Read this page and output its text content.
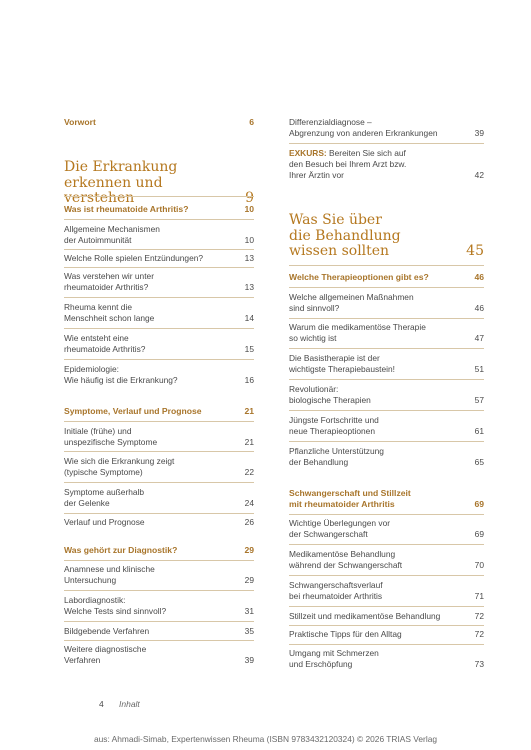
Vorwort	6
Die Erkrankung
erkennen und verstehen	9
Was ist rheumatoide Arthritis?	10
Allgemeine Mechanismen
der Autoimmunität	10
Welche Rolle spielen Entzündungen?	13
Was verstehen wir unter
rheumatoider Arthritis?	13
Rheuma kennt die
Menschheit schon lange	14
Wie entsteht eine
rheumatoide Arthritis?	15
Epidemiologie:
Wie häufig ist die Erkrankung?	16
Symptome, Verlauf und Prognose	21
Initiale (frühe) und
unspezifische Symptome	21
Wie sich die Erkrankung zeigt
(typische Symptome)	22
Symptome außerhalb
der Gelenke	24
Verlauf und Prognose	26
Was gehört zur Diagnostik?	29
Anamnese und klinische
Untersuchung	29
Labordiagnostik:
Welche Tests sind sinnvoll?	31
Bildgebende Verfahren	35
Weitere diagnostische
Verfahren	39
Differenzialdiagnose –
Abgrenzung von anderen Erkrankungen	39
EXKURS: Bereiten Sie sich auf
den Besuch bei Ihrem Arzt bzw.
Ihrer Ärztin vor	42
Was Sie über
die Behandlung
wissen sollten	45
Welche Therapieoptionen gibt es?	46
Welche allgemeinen Maßnahmen
sind sinnvoll?	46
Warum die medikamentöse Therapie
so wichtig ist	47
Die Basistherapie ist der
wichtigste Therapiebaustein!	51
Revolutionär:
biologische Therapien	57
Jüngste Fortschritte und
neue Therapieoptionen	61
Pflanzliche Unterstützung
der Behandlung	65
Schwangerschaft und Stillzeit
mit rheumatoider Arthritis	69
Wichtige Überlegungen vor
der Schwangerschaft	69
Medikamentöse Behandlung
während der Schwangerschaft	70
Schwangerschaftsverlauf
bei rheumatoider Arthritis	71
Stillzeit und medikamentöse Behandlung	72
Praktische Tipps für den Alltag	72
Umgang mit Schmerzen
und Erschöpfung	73
4 Inhalt
aus: Ahmadi-Simab, Expertenwissen Rheuma (ISBN 9783432120324) © 2026 TRIAS Verlag
